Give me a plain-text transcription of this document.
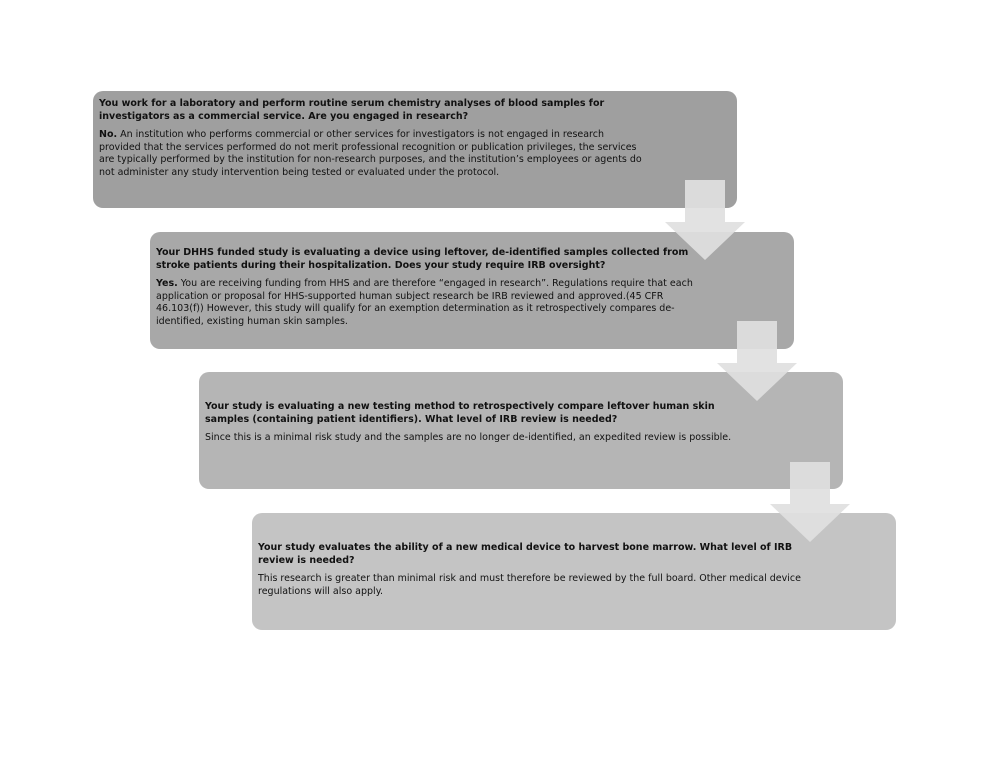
You work for a laboratory and perform routine serum chemistry analyses of blood samples for investigators as a commercial service. Are you engaged in research?

No. An institution who performs commercial or other services for investigators is not engaged in research provided that the services performed do not merit professional recognition or publication privileges, the services are typically performed by the institution for non-research purposes, and the institution’s employees or agents do not administer any study intervention being tested or evaluated under the protocol.

Your DHHS funded study is evaluating a device using leftover, de-identified samples collected from stroke patients during their hospitalization. Does your study require IRB oversight?

Yes. You are receiving funding from HHS and are therefore “engaged in research”. Regulations require that each application or proposal for HHS-supported human subject research be IRB reviewed and approved.(45 CFR 46.103(f)) However, this study will qualify for an exemption determination as it retrospectively compares de-identified, existing human skin samples.

Your study is evaluating a new testing method to retrospectively compare leftover human skin samples (containing patient identifiers). What level of IRB review is needed?

Since this is a minimal risk study and the samples are no longer de-identified, an expedited review is possible.

Your study evaluates the ability of a new medical device to harvest bone marrow. What level of IRB review is needed?

This research is greater than minimal risk and must therefore be reviewed by the full board. Other medical device regulations will also apply.
